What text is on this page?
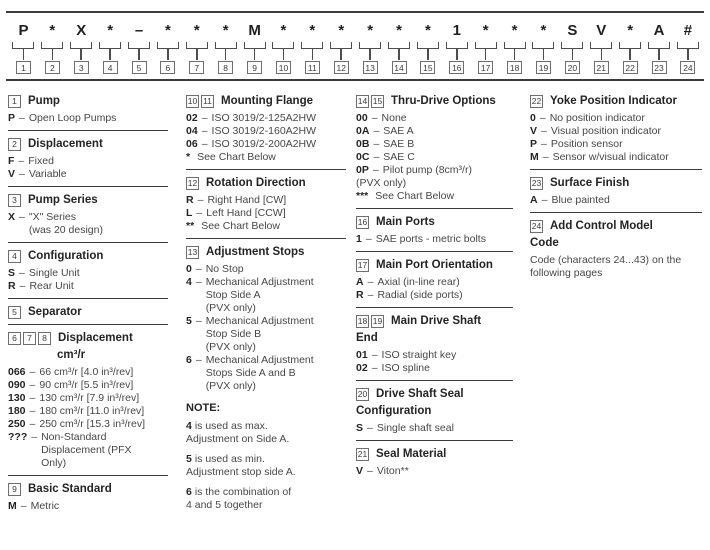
P
1
*
2
X
3
*
4
–
5
*
6
*
7
*
8
M
9
*
10
*
11
*
12
*
13
*
14
*
15
1
16
*
17
*
18
*
19
S
20
V
21
*
22
A
23
#
24
1 Pump
P – Open Loop Pumps
2 Displacement
F – Fixed
V – Variable
3 Pump Series
X – "X" Series
(was 20 design)
4 Configuration
S – Single Unit
R – Rear Unit
5 Separator
6	7	8 Displacement
cm³/r
066 – 66 cm³/r [4.0 in³/rev]
090 – 90 cm³/r [5.5 in³/rev]
130 – 130 cm³/r [7.9 in³/rev]
180 – 180 cm³/r [11.0 in³/rev]
250 – 250 cm³/r [15.3 in³/rev]
??? – Non-Standard
Displacement (PFX
Only)
9 Basic Standard
M – Metric
10 11 Mounting Flange
02 – ISO 3019/2-125A2HW
04 – ISO 3019/2-160A2HW
06 – ISO 3019/2-200A2HW
* See Chart Below
12 Rotation Direction
R – Right Hand [CW]
L – Left Hand [CCW]
** See Chart Below
13 Adjustment Stops
0 – No Stop
4 – Mechanical Adjustment
Stop Side A
(PVX only)
5 – Mechanical Adjustment
Stop Side B
(PVX only)
6 – Mechanical Adjustment
Stops Side A and B
(PVX only)
NOTE:
4 is used as max.
Adjustment on Side A.
5 is used as min.
Adjustment stop side A.
6 is the combination of
4 and 5 together
14 15 Thru-Drive Options
00 – None
0A – SAE A
0B – SAE B
0C – SAE C
0P – Pilot pump (8cm³/r)
(PVX only)
*** See Chart Below
16 Main Ports
1 – SAE ports - metric bolts
17 Main Port Orientation
A – Axial (in-line rear)
R – Radial (side ports)
18 19 Main Drive Shaft
End
01 – ISO straight key
02 – ISO spline
20 Drive Shaft Seal
Configuration
S – Single shaft seal
21 Seal Material
V – Viton**
22 Yoke Position Indicator
0 – No position indicator
V – Visual position indicator
P – Position sensor
M – Sensor w/visual indicator
23 Surface Finish
A – Blue painted
24 Add Control Model
Code
Code (characters 24...43) on the following pages
